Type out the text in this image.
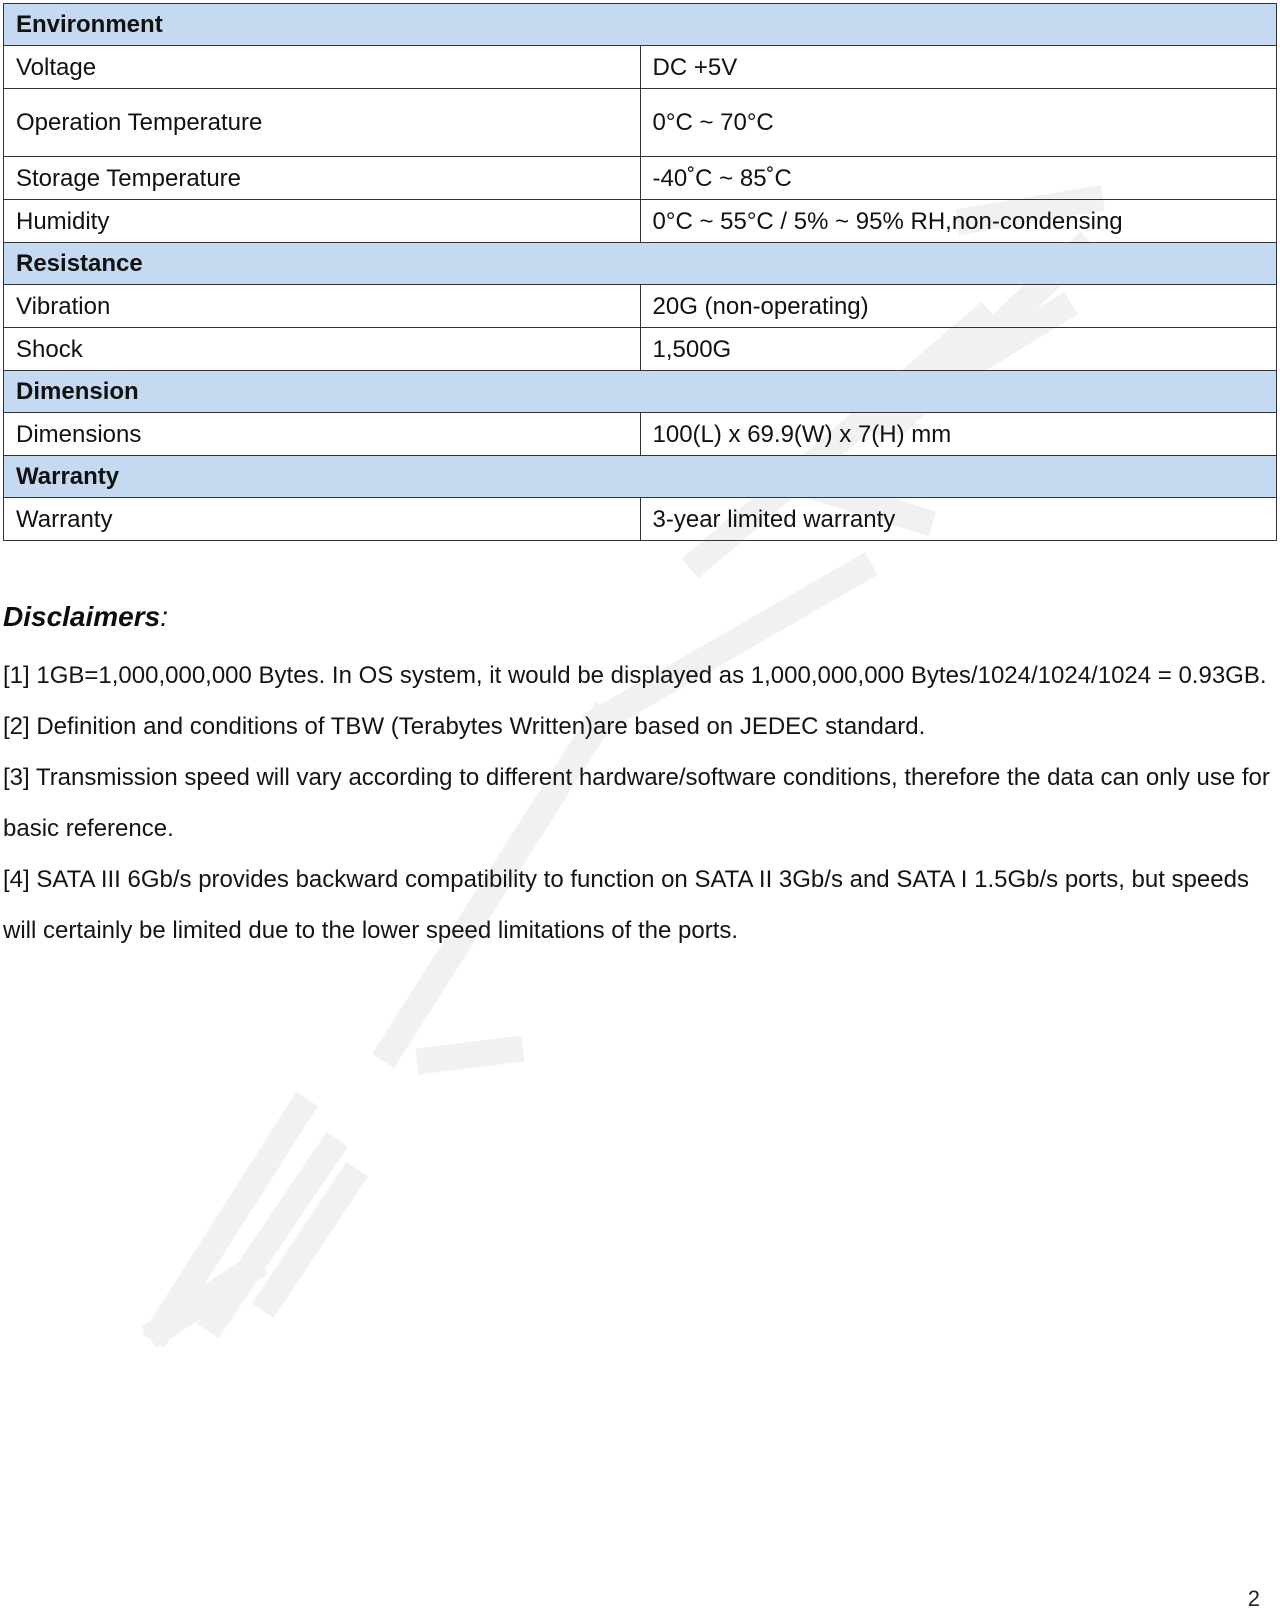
Environment	
Voltage	DC +5V
Operation Temperature	0°C ~ 70°C
Storage Temperature	-40˚C ~ 85˚C
Humidity	0°C ~ 55°C / 5% ~ 95% RH,non-condensing
Resistance	
Vibration	20G (non-operating)
Shock	1,500G
Dimension	
Dimensions	100(L) x 69.9(W) x 7(H) mm
Warranty	
Warranty	3-year limited warranty

Disclaimers:

[1] 1GB=1,000,000,000 Bytes. In OS system, it would be displayed as 1,000,000,000 Bytes/1024/1024/1024 = 0.93GB.

[2] Definition and conditions of TBW (Terabytes Written)are based on JEDEC standard.

[3] Transmission speed will vary according to different hardware/software conditions, therefore the data can only use for basic reference.

[4] SATA III 6Gb/s provides backward compatibility to function on SATA II 3Gb/s and SATA I 1.5Gb/s ports, but speeds will certainly be limited due to the lower speed limitations of the ports.

2
